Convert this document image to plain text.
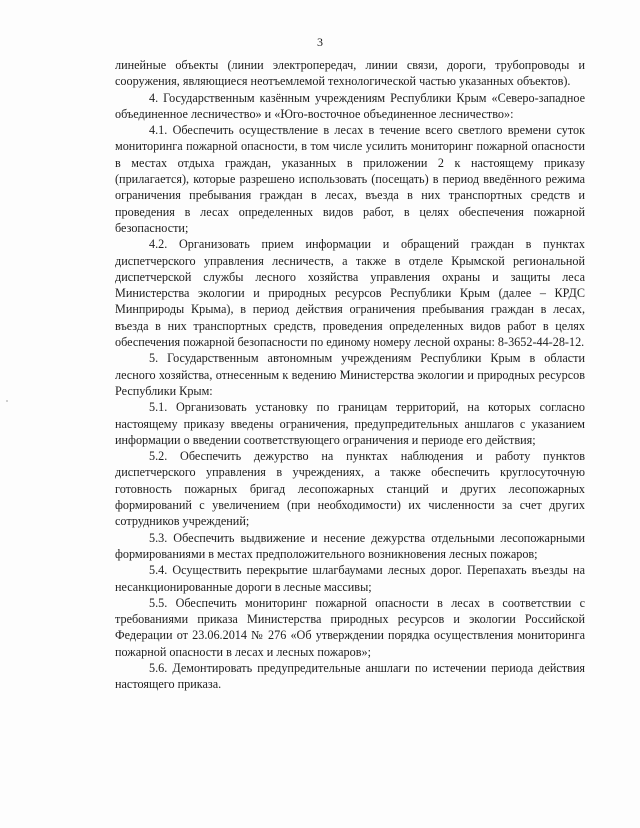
3

линейные объекты (линии электропередач, линии связи, дороги, трубопроводы и сооружения, являющиеся неотъемлемой технологической частью указанных объектов).

4. Государственным казённым учреждениям Республики Крым «Северо-западное объединенное лесничество» и «Юго-восточное объединенное лесничество»:

4.1. Обеспечить осуществление в лесах в течение всего светлого времени суток мониторинга пожарной опасности, в том числе усилить мониторинг пожарной опасности в местах отдыха граждан, указанных в приложении 2 к настоящему приказу (прилагается), которые разрешено использовать (посещать) в период введённого режима ограничения пребывания граждан в лесах, въезда в них транспортных средств и проведения в лесах определенных видов работ, в целях обеспечения пожарной безопасности;

4.2. Организовать прием информации и обращений граждан в пунктах диспетчерского управления лесничеств, а также в отделе Крымской региональной диспетчерской службы лесного хозяйства управления охраны и защиты леса Министерства экологии и природных ресурсов Республики Крым (далее – КРДС Минприроды Крыма), в период действия ограничения пребывания граждан в лесах, въезда в них транспортных средств, проведения определенных видов работ в целях обеспечения пожарной безопасности по единому номеру лесной охраны: 8-3652-44-28-12.

5. Государственным автономным учреждениям Республики Крым в области лесного хозяйства, отнесенным к ведению Министерства экологии и природных ресурсов Республики Крым:

5.1. Организовать установку по границам территорий, на которых согласно настоящему приказу введены ограничения, предупредительных аншлагов с указанием информации о введении соответствующего ограничения и периоде его действия;

5.2. Обеспечить дежурство на пунктах наблюдения и работу пунктов диспетчерского управления в учреждениях, а также обеспечить круглосуточную готовность пожарных бригад лесопожарных станций и других лесопожарных формирований с увеличением (при необходимости) их численности за счет других сотрудников учреждений;

5.3. Обеспечить выдвижение и несение дежурства отдельными лесопожарными формированиями в местах предположительного возникновения лесных пожаров;

5.4. Осуществить перекрытие шлагбаумами лесных дорог. Перепахать въезды на несанкционированные дороги в лесные массивы;

5.5. Обеспечить мониторинг пожарной опасности в лесах в соответствии с требованиями приказа Министерства природных ресурсов и экологии Российской Федерации от 23.06.2014 № 276 «Об утверждении порядка осуществления мониторинга пожарной опасности в лесах и лесных пожаров»;

5.6. Демонтировать предупредительные аншлаги по истечении периода действия настоящего приказа.
